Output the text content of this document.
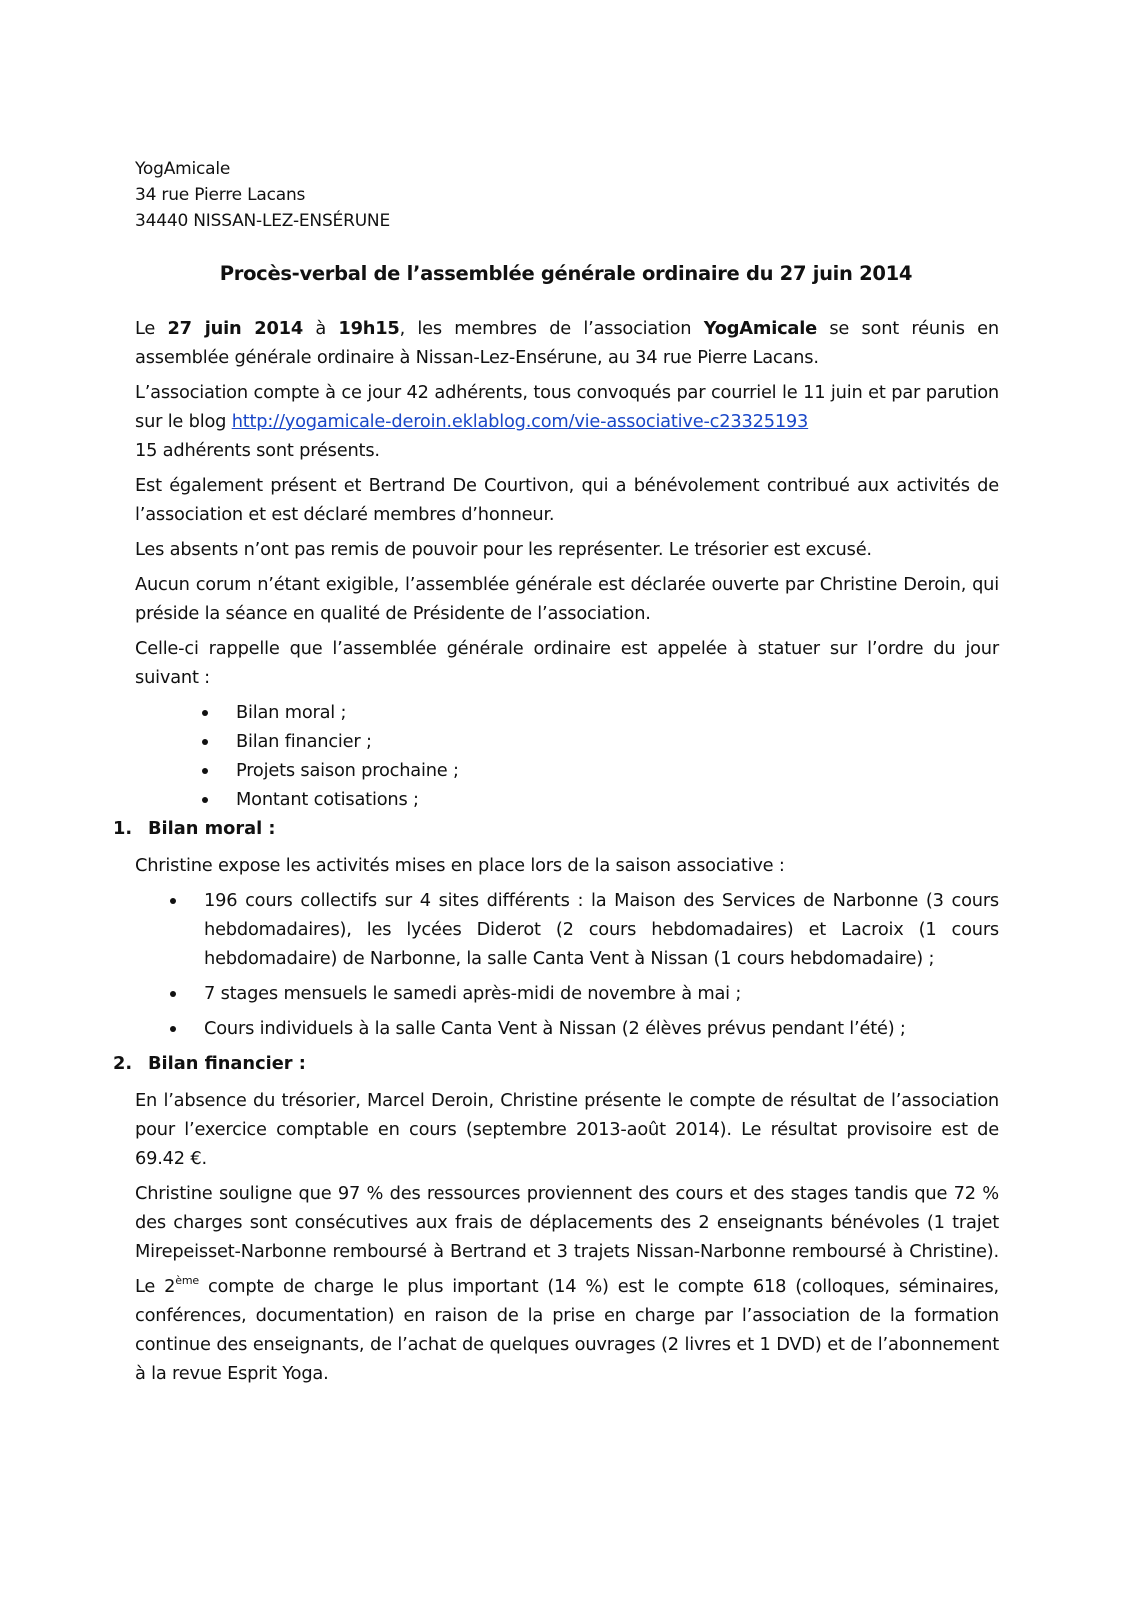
YogAmicale
34 rue Pierre Lacans
34440 NISSAN-LEZ-ENSÉRUNE
Procès-verbal de l’assemblée générale ordinaire du 27 juin 2014

Le 27 juin 2014 à 19h15, les membres de l’association YogAmicale se sont réunis en assemblée générale ordinaire à Nissan-Lez-Ensérune, au 34 rue Pierre Lacans.

L’association compte à ce jour 42 adhérents, tous convoqués par courriel le 11 juin et par parution sur le blog http://yogamicale-deroin.eklablog.com/vie-associative-c23325193

15 adhérents sont présents.

Est également présent et Bertrand De Courtivon, qui a bénévolement contribué aux activités de l’association et est déclaré membres d’honneur.

Les absents n’ont pas remis de pouvoir pour les représenter. Le trésorier est excusé.

Aucun corum n’étant exigible, l’assemblée générale est déclarée ouverte par Christine Deroin, qui préside la séance en qualité de Présidente de l’association.

Celle-ci rappelle que l’assemblée générale ordinaire est appelée à statuer sur l’ordre du jour suivant :

Bilan moral ;
Bilan financier ;
Projets saison prochaine ;
Montant cotisations ;
1. Bilan moral :

Christine expose les activités mises en place lors de la saison associative :

196 cours collectifs sur 4 sites différents : la Maison des Services de Narbonne (3 cours hebdomadaires), les lycées Diderot (2 cours hebdomadaires) et Lacroix (1 cours hebdomadaire) de Narbonne, la salle Canta Vent à Nissan (1 cours hebdomadaire) ;
7 stages mensuels le samedi après-midi de novembre à mai ;
Cours individuels à la salle Canta Vent à Nissan (2 élèves prévus pendant l’été) ;
2. Bilan financier :

En l’absence du trésorier, Marcel Deroin, Christine présente le compte de résultat de l’association pour l’exercice comptable en cours (septembre 2013-août 2014). Le résultat provisoire est de 69.42 €.

Christine souligne que 97 % des ressources proviennent des cours et des stages tandis que 72 % des charges sont consécutives aux frais de déplacements des 2 enseignants bénévoles (1 trajet Mirepeisset-Narbonne remboursé à Bertrand et 3 trajets Nissan-Narbonne remboursé à Christine). Le 2ème compte de charge le plus important (14 %) est le compte 618 (colloques, séminaires, conférences, documentation) en raison de la prise en charge par l’association de la formation continue des enseignants, de l’achat de quelques ouvrages (2 livres et 1 DVD) et de l’abonnement à la revue Esprit Yoga.
